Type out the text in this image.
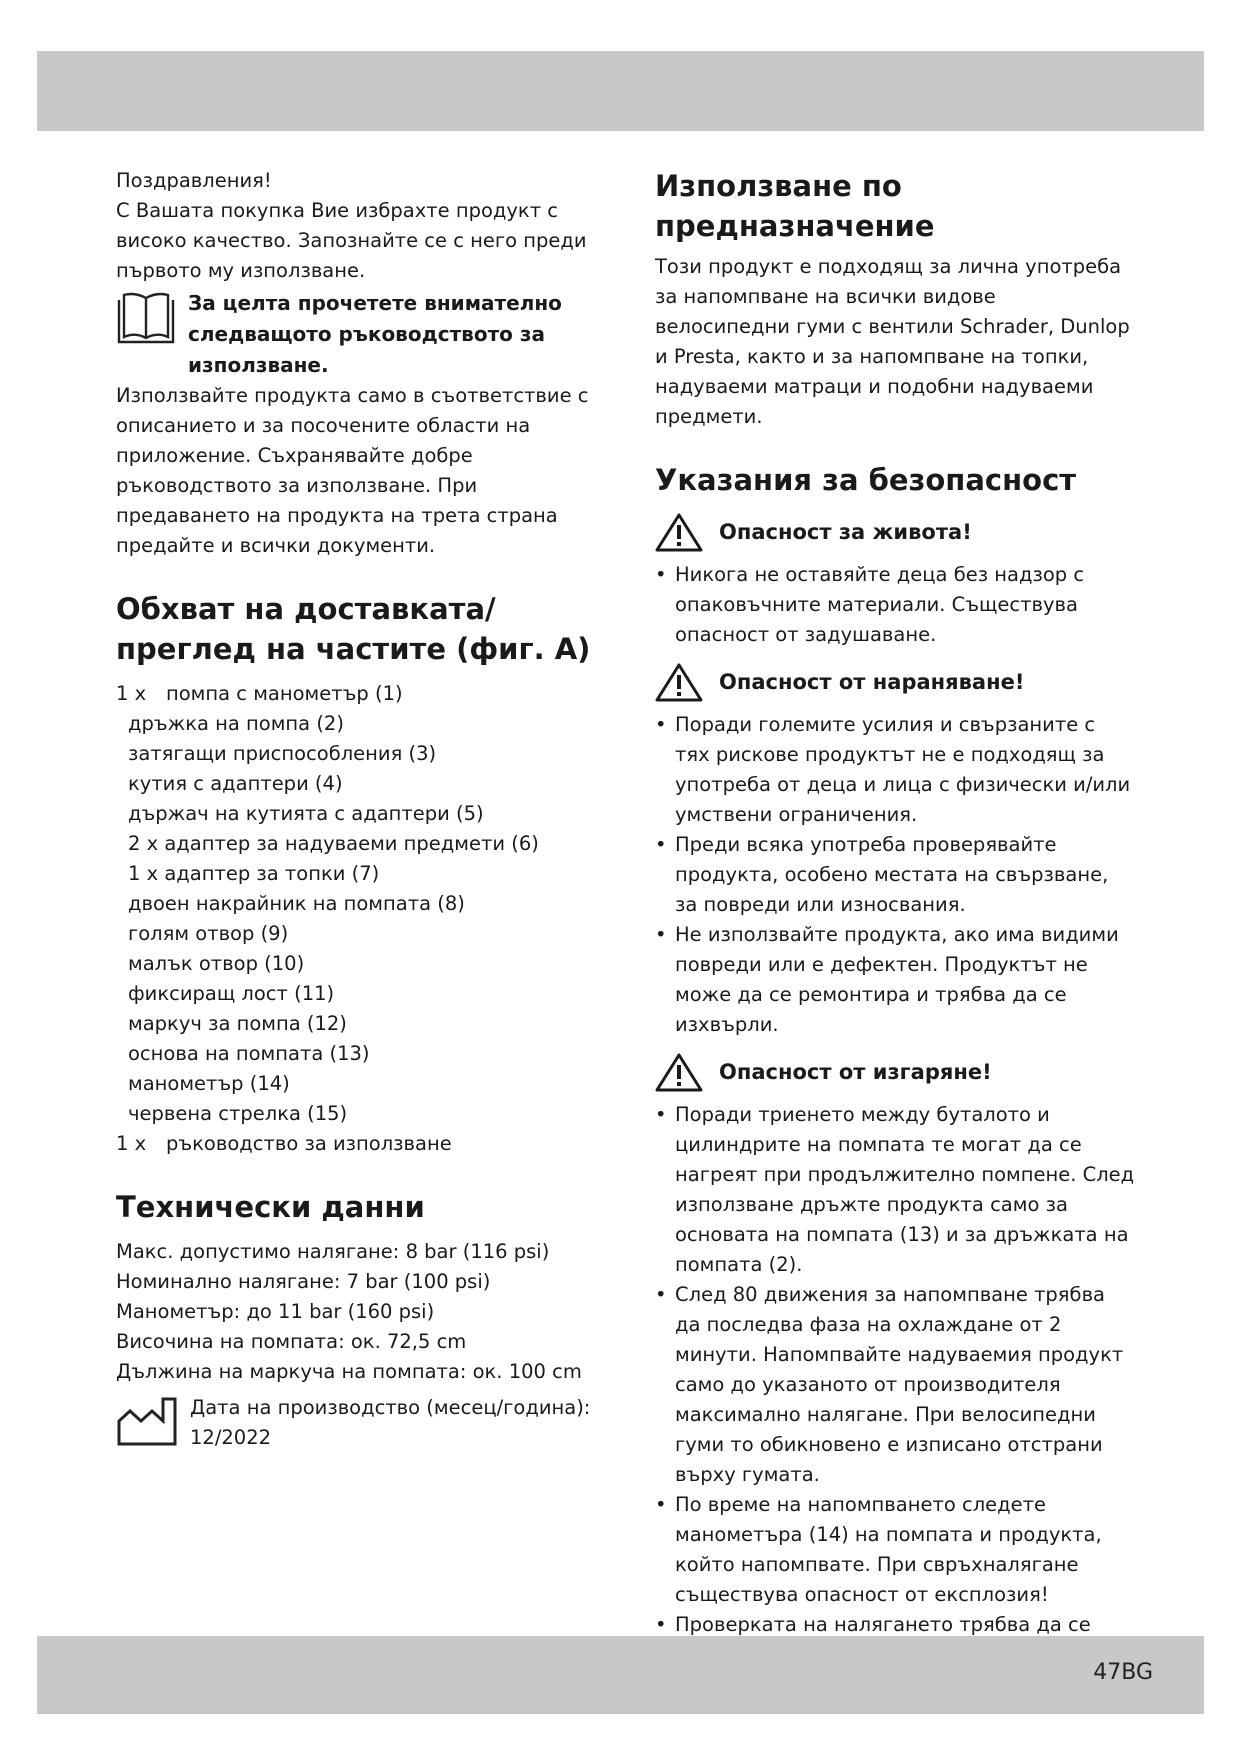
Поздравления!

С Вашата покупка Вие избрахте продукт с високо качество. Запознайте се с него преди първото му използване.

За целта прочетете внимателно следващото ръководството за използване.

Използвайте продукта само в съответствие с описанието и за посочените области на приложение. Съхранявайте добре ръководството за използване. При предаването на продукта на трета страна предайте и всички документи.

Обхват на доставката/ преглед на частите (фиг. А)
1 x помпа с манометър (1)
дръжка на помпа (2)
затягащи приспособления (3)
кутия с адаптери (4)
държач на кутията с адаптери (5)
2 x адаптер за надуваеми предмети (6)
1 x адаптер за топки (7)
двоен накрайник на помпата (8)
голям отвор (9)
малък отвор (10)
фиксиращ лост (11)
маркуч за помпа (12)
основа на помпата (13)
манометър (14)
червена стрелка (15)
1 x ръководство за използване
Технически данни
Макс. допустимо налягане: 8 bar (116 psi)
Номинално налягане: 7 bar (100 psi)
Манометър: до 11 bar (160 psi)
Височина на помпата: ок. 72,5 cm
Дължина на маркуча на помпата: ок. 100 cm
Дата на производство (месец/година):
12/2022
Използване по предназначение

Този продукт е подходящ за лична употреба за напомпване на всички видове велосипедни гуми с вентили Schrader, Dunlop и Presta, както и за напомпване на топки, надуваеми матраци и подобни надуваеми предмети.

Указания за безопасност
Опасност за живота!
• Никога не оставяйте деца без надзор с опаковъчните материали. Съществува опасност от задушаване.
Опасност от нараняване!
• Поради големите усилия и свързаните с тях рискове продуктът не е подходящ за употреба от деца и лица с физически и/или умствени ограничения.
• Преди всяка употреба проверявайте продукта, особено местата на свързване, за повреди или износвания.
• Не използвайте продукта, ако има видими повреди или е дефектен. Продуктът не може да се ремонтира и трябва да се изхвърли.
Опасност от изгаряне!
• Поради триенето между буталото и цилиндрите на помпата те могат да се нагреят при продължително помпене. След използване дръжте продукта само за основата на помпата (13) и за дръжката на помпата (2).
• След 80 движения за напомпване трябва да последва фаза на охлаждане от 2 минути. Напомпвайте надуваемия продукт само до указаното от производителя максимално налягане. При велосипедни гуми то обикновено е изписано отстрани върху гумата.
• По време на напомпването следете манометъра (14) на помпата и продукта, който напомпвате. При свръхналягане съществува опасност от експлозия!
• Проверката на налягането трябва да се
47BG
